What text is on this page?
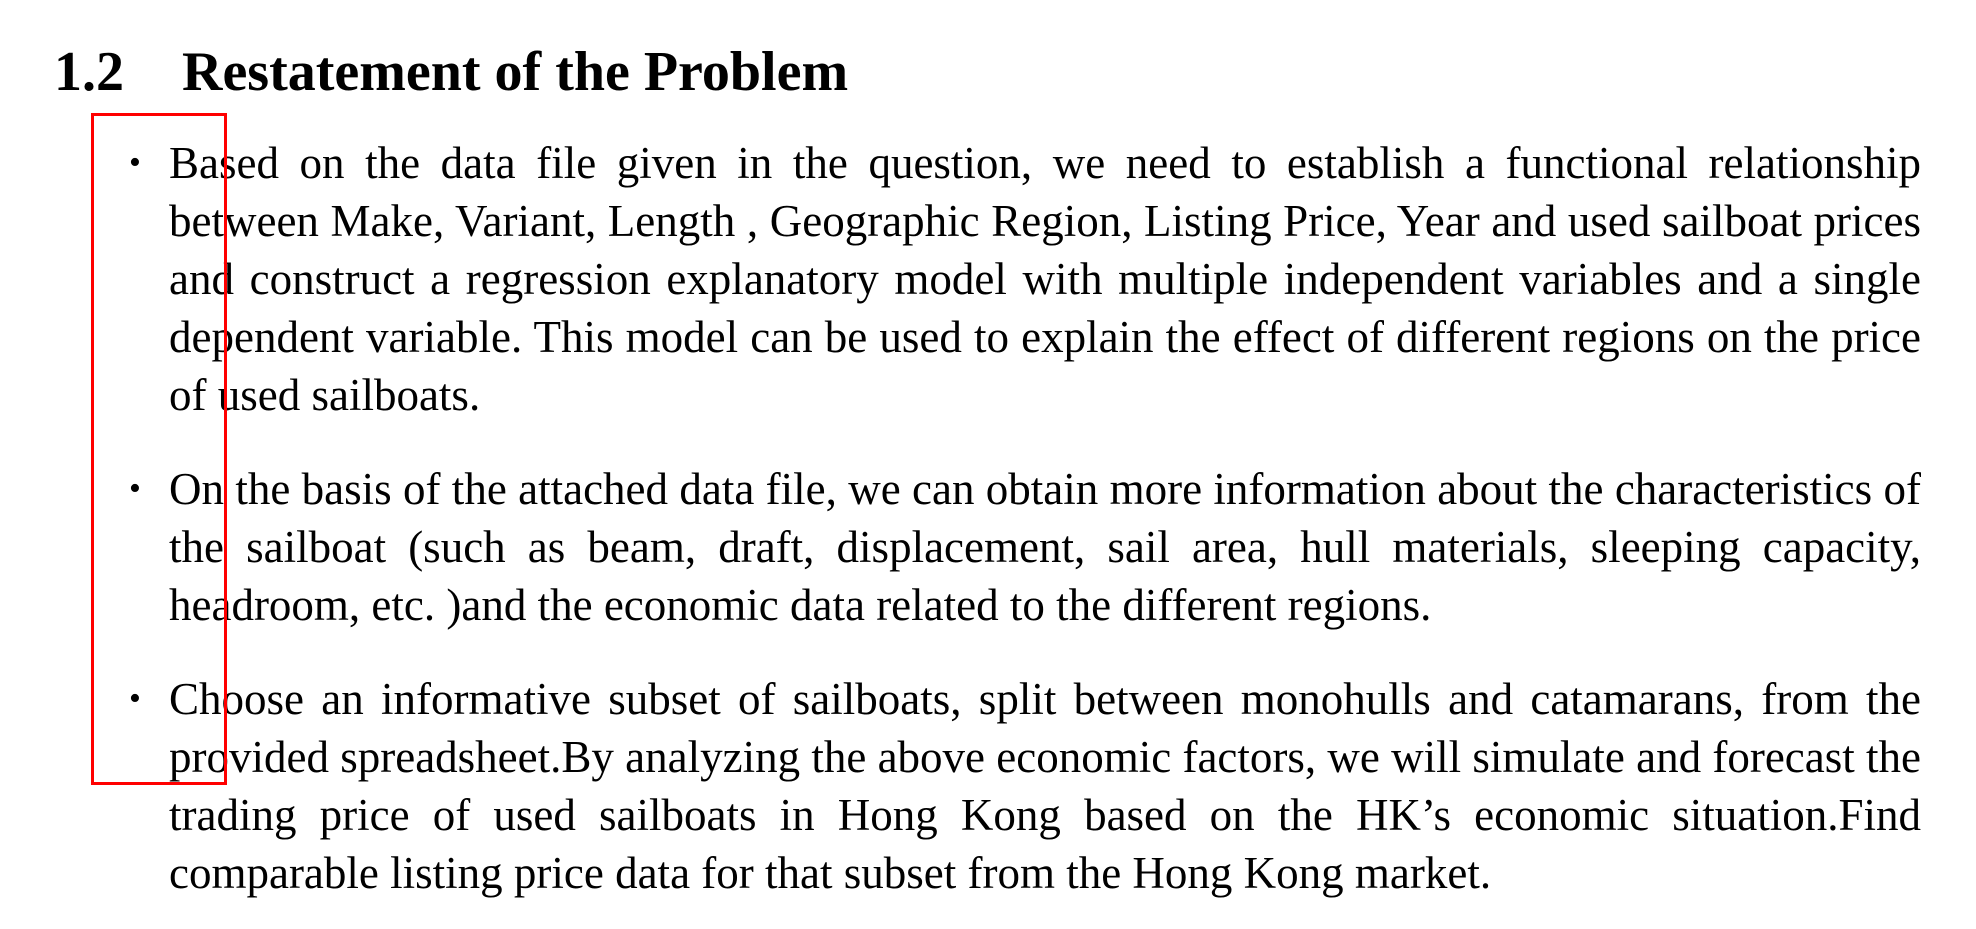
1.2 Restatement of the Problem
• Based on the data file given in the question, we need to establish a functional relationship between Make, Variant, Length , Geographic Region, Listing Price, Year and used sailboat prices and construct a regression explanatory model with multiple independent variables and a single dependent variable. This model can be used to explain the effect of different regions on the price of used sailboats.
• On the basis of the attached data file, we can obtain more information about the characteristics of the sailboat (such as beam, draft, displacement, sail area, hull materials, sleeping capacity, headroom, etc. )and the economic data related to the different regions.
• Choose an informative subset of sailboats, split between monohulls and catamarans, from the provided spreadsheet.By analyzing the above economic factors, we will simulate and forecast the trading price of used sailboats in Hong Kong based on the HK’s economic situation.Find comparable listing price data for that subset from the Hong Kong market.
